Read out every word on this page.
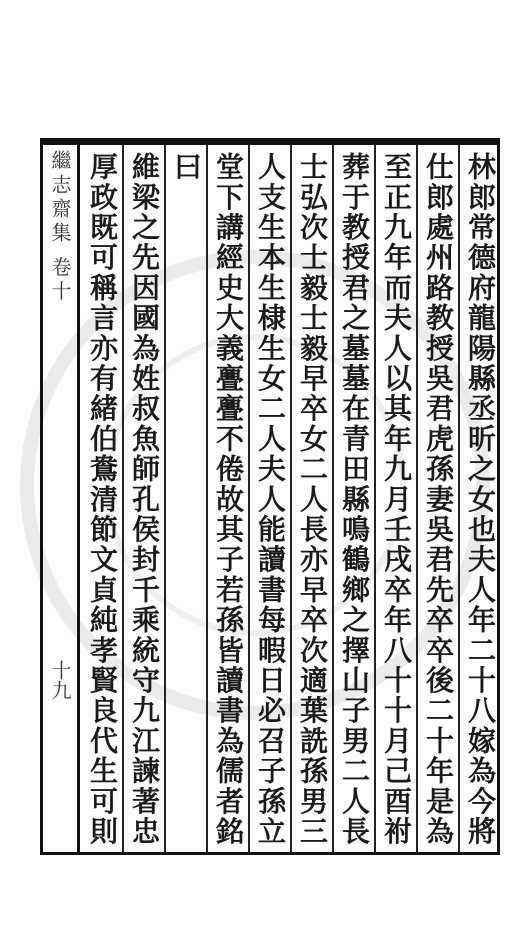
繼志齋集 卷十
十九	林郎常德府龍陽縣丞昕之女也夫人年二十八嫁為今將
仕郎處州路教授吳君虎孫妻吳君先卒卒後二十年是為
至正九年而夫人以其年九月壬戌卒年八十十月己酉祔
葬于教授君之墓墓在青田縣鳴鶴鄉之擇山子男二人長
士弘次士毅士毅早卒女二人長亦早卒次適葉詵孫男三
人支生本生棣生女二人夫人能讀書每暇日必召子孫立
堂下講經史大義亹亹不倦故其子若孫皆讀書為儒者銘
曰
維梁之先因國為姓叔魚師孔侯封千乘統守九江諫著忠
厚政既可稱言亦有緒伯鴦清節文貞純孝賢良代生可則
